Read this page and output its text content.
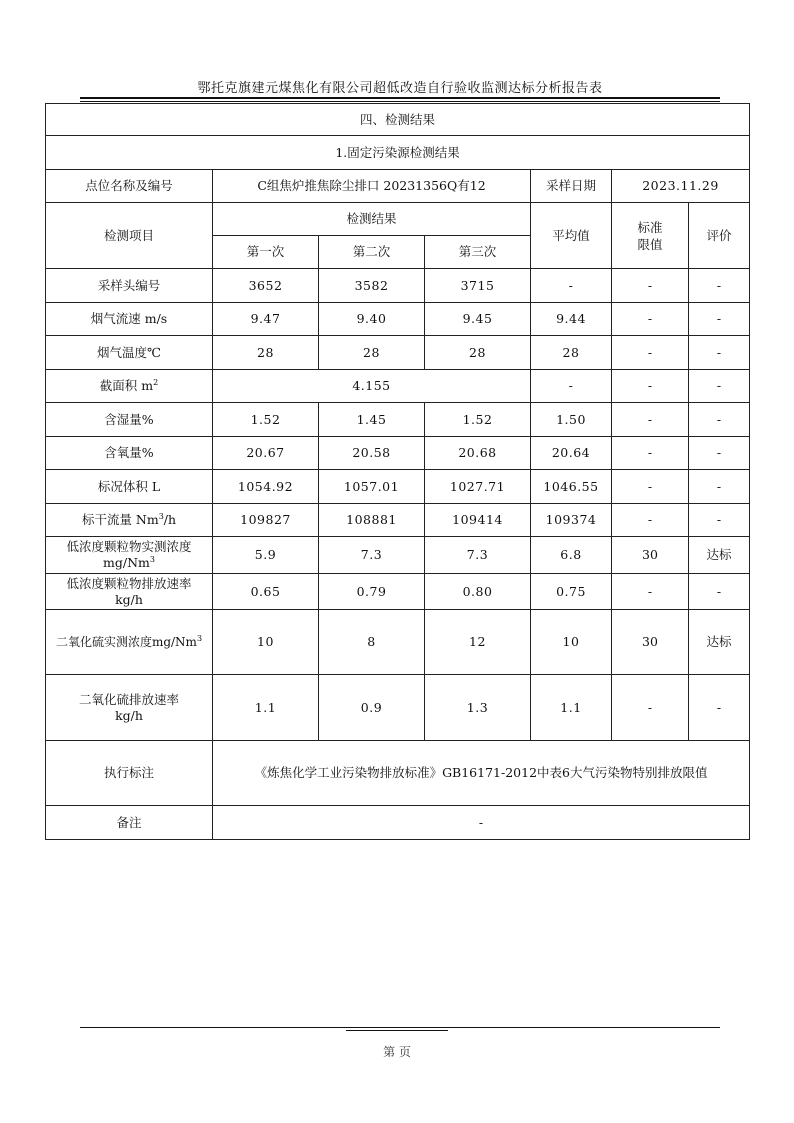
鄂托克旗建元煤焦化有限公司超低改造自行验收监测达标分析报告表
四、检测结果						
1.固定污染源检测结果						
点位名称及编号	C组焦炉推焦除尘排口 20231356Q有12			采样日期	2023.11.29	
检测项目	检测结果			平均值	标准限值	评价
	第一次	第二次	第三次			
采样头编号	3652	3582	3715	-	-	-
烟气流速 m/s	9.47	9.40	9.45	9.44	-	-
烟气温度℃	28	28	28	28	-	-
截面积 $m^2$	4.155			-	-	-
含湿量%	1.52	1.45	1.52	1.50	-	-
含氧量%	20.67	20.58	20.68	20.64	-	-
标况体积 L	1054.92	1057.01	1027.71	1046.55	-	-
标干流量 Nm$^3$/h	109827	108881	109414	109374	-	-

低浓度颗粒物实测浓度
mg/Nm$^3$	5.9	7.3	7.3	6.8	30	达标

低浓度颗粒物排放速率
kg/h	0.65	0.79	0.80	0.75	-	-
二氧化硫实测浓度mg/Nm$^3$	10	8	12	10	30	达标

二氧化硫排放速率
kg/h	1.1	0.9	1.3	1.1	-	-
执行标注	《炼焦化学工业污染物排放标准》GB16171-2012中表6大气污染物特别排放限值					
备注	-					
第 页
